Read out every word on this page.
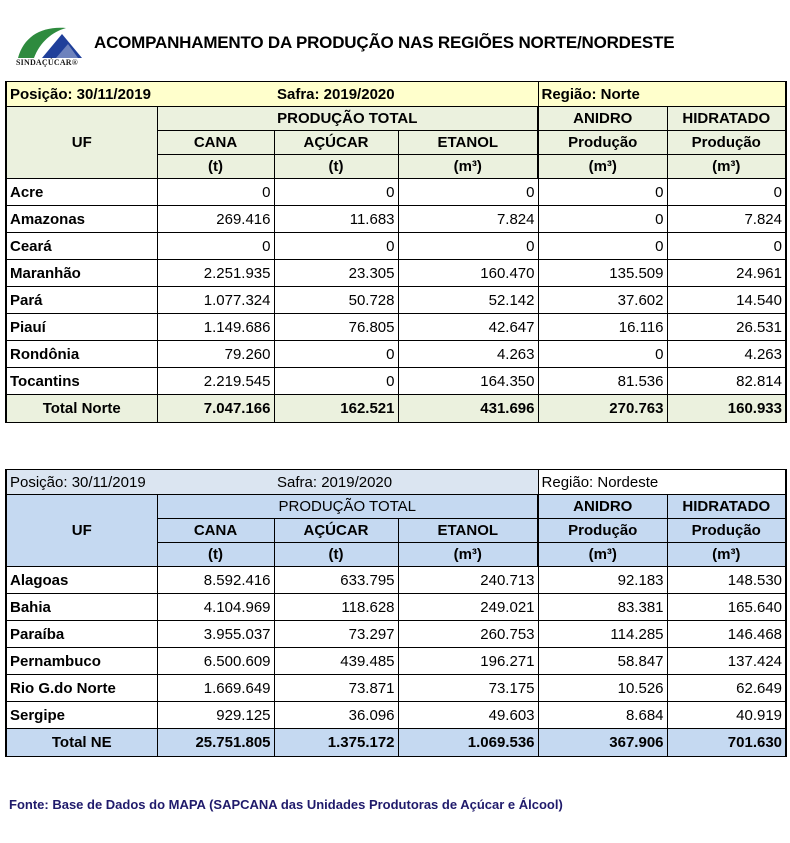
SINDAÇÚCAR®
ACOMPANHAMENTO DA PRODUÇÃO NAS REGIÕES NORTE/NORDESTE
Posição: 30/11/2019		Safra: 2019/2020		Região: Norte	
UF	PRODUÇÃO TOTAL			ANIDRO	HIDRATADO
	CANA	AÇÚCAR	ETANOL	Produção	Produção
	(t)	(t)	(m³)	(m³)	(m³)
Acre	0	0	0	0	0
Amazonas	269.416	11.683	7.824	0	7.824
Ceará	0	0	0	0	0
Maranhão	2.251.935	23.305	160.470	135.509	24.961
Pará	1.077.324	50.728	52.142	37.602	14.540
Piauí	1.149.686	76.805	42.647	16.116	26.531
Rondônia	79.260	0	4.263	0	4.263
Tocantins	2.219.545	0	164.350	81.536	82.814
Total Norte	7.047.166	162.521	431.696	270.763	160.933
Posição: 30/11/2019		Safra: 2019/2020		Região: Nordeste	
UF	PRODUÇÃO TOTAL			ANIDRO	HIDRATADO
	CANA	AÇÚCAR	ETANOL	Produção	Produção
	(t)	(t)	(m³)	(m³)	(m³)
Alagoas	8.592.416	633.795	240.713	92.183	148.530
Bahia	4.104.969	118.628	249.021	83.381	165.640
Paraíba	3.955.037	73.297	260.753	114.285	146.468
Pernambuco	6.500.609	439.485	196.271	58.847	137.424
Rio G.do Norte	1.669.649	73.871	73.175	10.526	62.649
Sergipe	929.125	36.096	49.603	8.684	40.919
Total NE	25.751.805	1.375.172	1.069.536	367.906	701.630
Fonte: Base de Dados do MAPA (SAPCANA das Unidades Produtoras de Açúcar e Álcool)
